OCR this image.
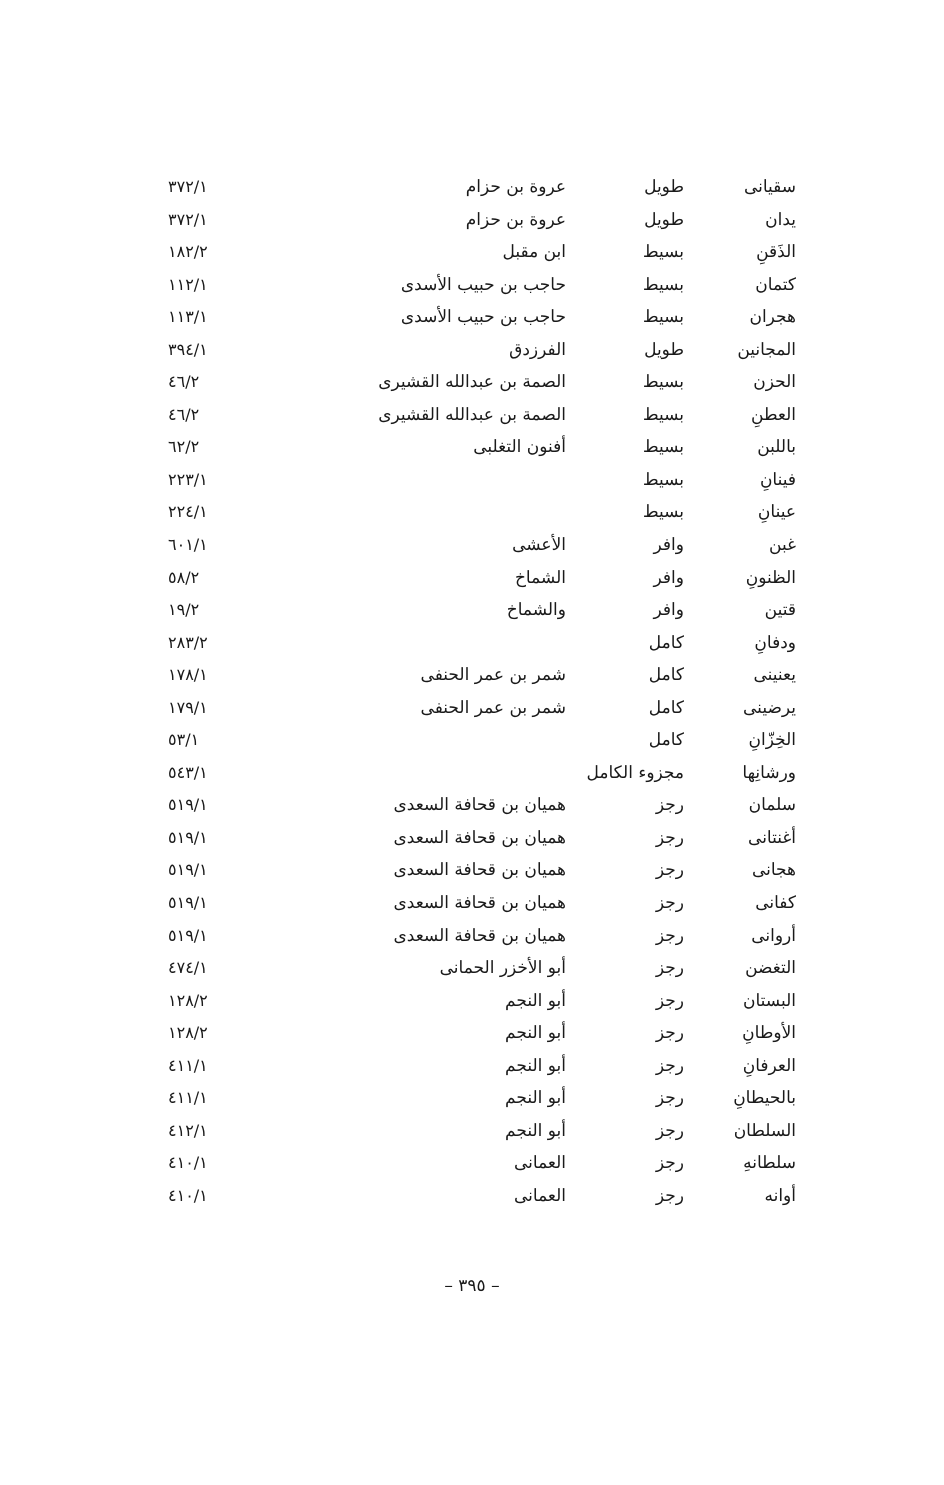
سقيانى
طويل
عروة بن حزام
٣٧٢/١
يدان
طويل
عروة بن حزام
٣٧٢/١
الذَقنِ
بسيط
ابن مقبل
١٨٢/٢
كتمان
بسيط
حاجب بن حبيب الأسدى
١١٢/١
هجران
بسيط
حاجب بن حبيب الأسدى
١١٣/١
المجانين
طويل
الفرزدق
٣٩٤/١
الحزن
بسيط
الصمة بن عبدالله القشيرى
٤٦/٢
العطنِ
بسيط
الصمة بن عبدالله القشيرى
٤٦/٢
باللبن
بسيط
أفنون التغلبى
٦٢/٢
فينانِ
بسيط
٢٢٣/١
عينانِ
بسيط
٢٢٤/١
غبن
وافر
الأعشى
٦٠١/١
الظنونِ
وافر
الشماخ
٥٨/٢
قتين
وافر
والشماخ
١٩/٢
ودفانِ
كامل
٢٨٣/٢
يعنينى
كامل
شمر بن عمر الحنفى
١٧٨/١
يرضينى
كامل
شمر بن عمر الحنفى
١٧٩/١
الخِزّانِ
كامل
٥٣/١
ورشانِها
مجزوء الكامل
٥٤٣/١
سلمان
رجز
هميان بن قحافة السعدى
٥١٩/١
أغنتانى
رجز
هميان بن قحافة السعدى
٥١٩/١
هجانى
رجز
هميان بن قحافة السعدى
٥١٩/١
كفانى
رجز
هميان بن قحافة السعدى
٥١٩/١
أروانى
رجز
هميان بن قحافة السعدى
٥١٩/١
التغضن
رجز
أبو الأخزر الحمانى
٤٧٤/١
البستان
رجز
أبو النجم
١٢٨/٢
الأوطانِ
رجز
أبو النجم
١٢٨/٢
العرفانِ
رجز
أبو النجم
٤١١/١
بالحيطانِ
رجز
أبو النجم
٤١١/١
السلطان
رجز
أبو النجم
٤١٢/١
سلطانهِ
رجز
العمانى
٤١٠/١
أوانه
رجز
العمانى
٤١٠/١
– ٣٩٥ –
